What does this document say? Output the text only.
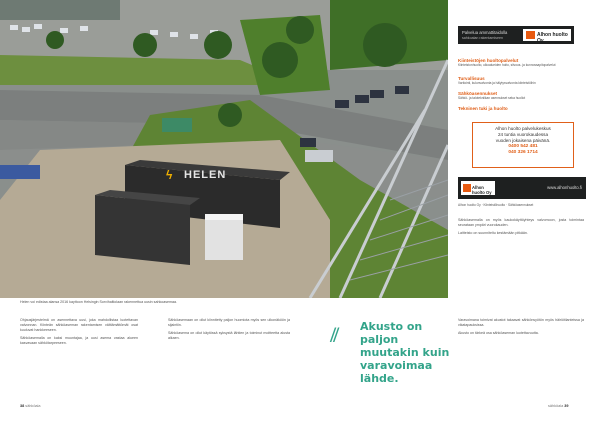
ϟ HELEN
Helen voi edistaa alansa 2016 kayttoon Helsingin Sorvihaltiolaan rakennettua uusin sahkoasemaa.
Palvelua ammattitaidolla
sahkoalan rakentamiseen	Alhon huolto Oy
Kiinteistöjen huoltopalvelut
Kiinteistonhuolto, ulkoalueiden hoito, siivous- ja kunnossapitopalvelut
Turvallisuus
Vartiointi, kulunvalvonta ja hälytysvalvonta kiinteistöihin
Sähköasennukset
Sähkö- ja talotekniikan asennukset seka huollot
Tekninen tuki ja huolto
Alhon huolto palvelukeskus
24 tuntia vuorokaudessa
vuoden jokaisena päivänä.
0400 542 481
040 326 1714
Alhon huolto Oy
www.alhonhuolto.fi
Alhon huolto Oy · Kiinteistöhuolto · Sähköasennukset

Sähköasemalla on myös kaukokäyttöyhteys valvomoon, josta toimintaa seurataan ympäri vuorokauden.

Laitteisto on suunniteltu kestämään pitkään.

Ohjausjärjestelmä on asennettava uusi, joka mahdollistaa luotettavan valvonnan. Kiinteän sähköaseman rakentamisen välttämättömät osat kuuluvat hankkeeseen.

Sähköasemalla on kaksi muuntajaa, ja uusi asema vastaa alueen kasvavaan sähkötarpeeseen.

Sähköasemaan on ollut kiinnitetty paljon huomiota myös sen ulkonäköön ja sijaintiin.

Sähköasema on ollut käytössä syksystä lähtien ja toiminut moitteetta alusta alkaen.	// Akusto on paljon muutakin kuin varavoimaa lähde.

Varavoimana toimivat akustot takaavat sähkönsyötön myös häiriötilanteissa ja vikatapauksissa.

Akusto on tärkeä osa sähköaseman luotettavuutta.

38 sähköala	sähköala 39
